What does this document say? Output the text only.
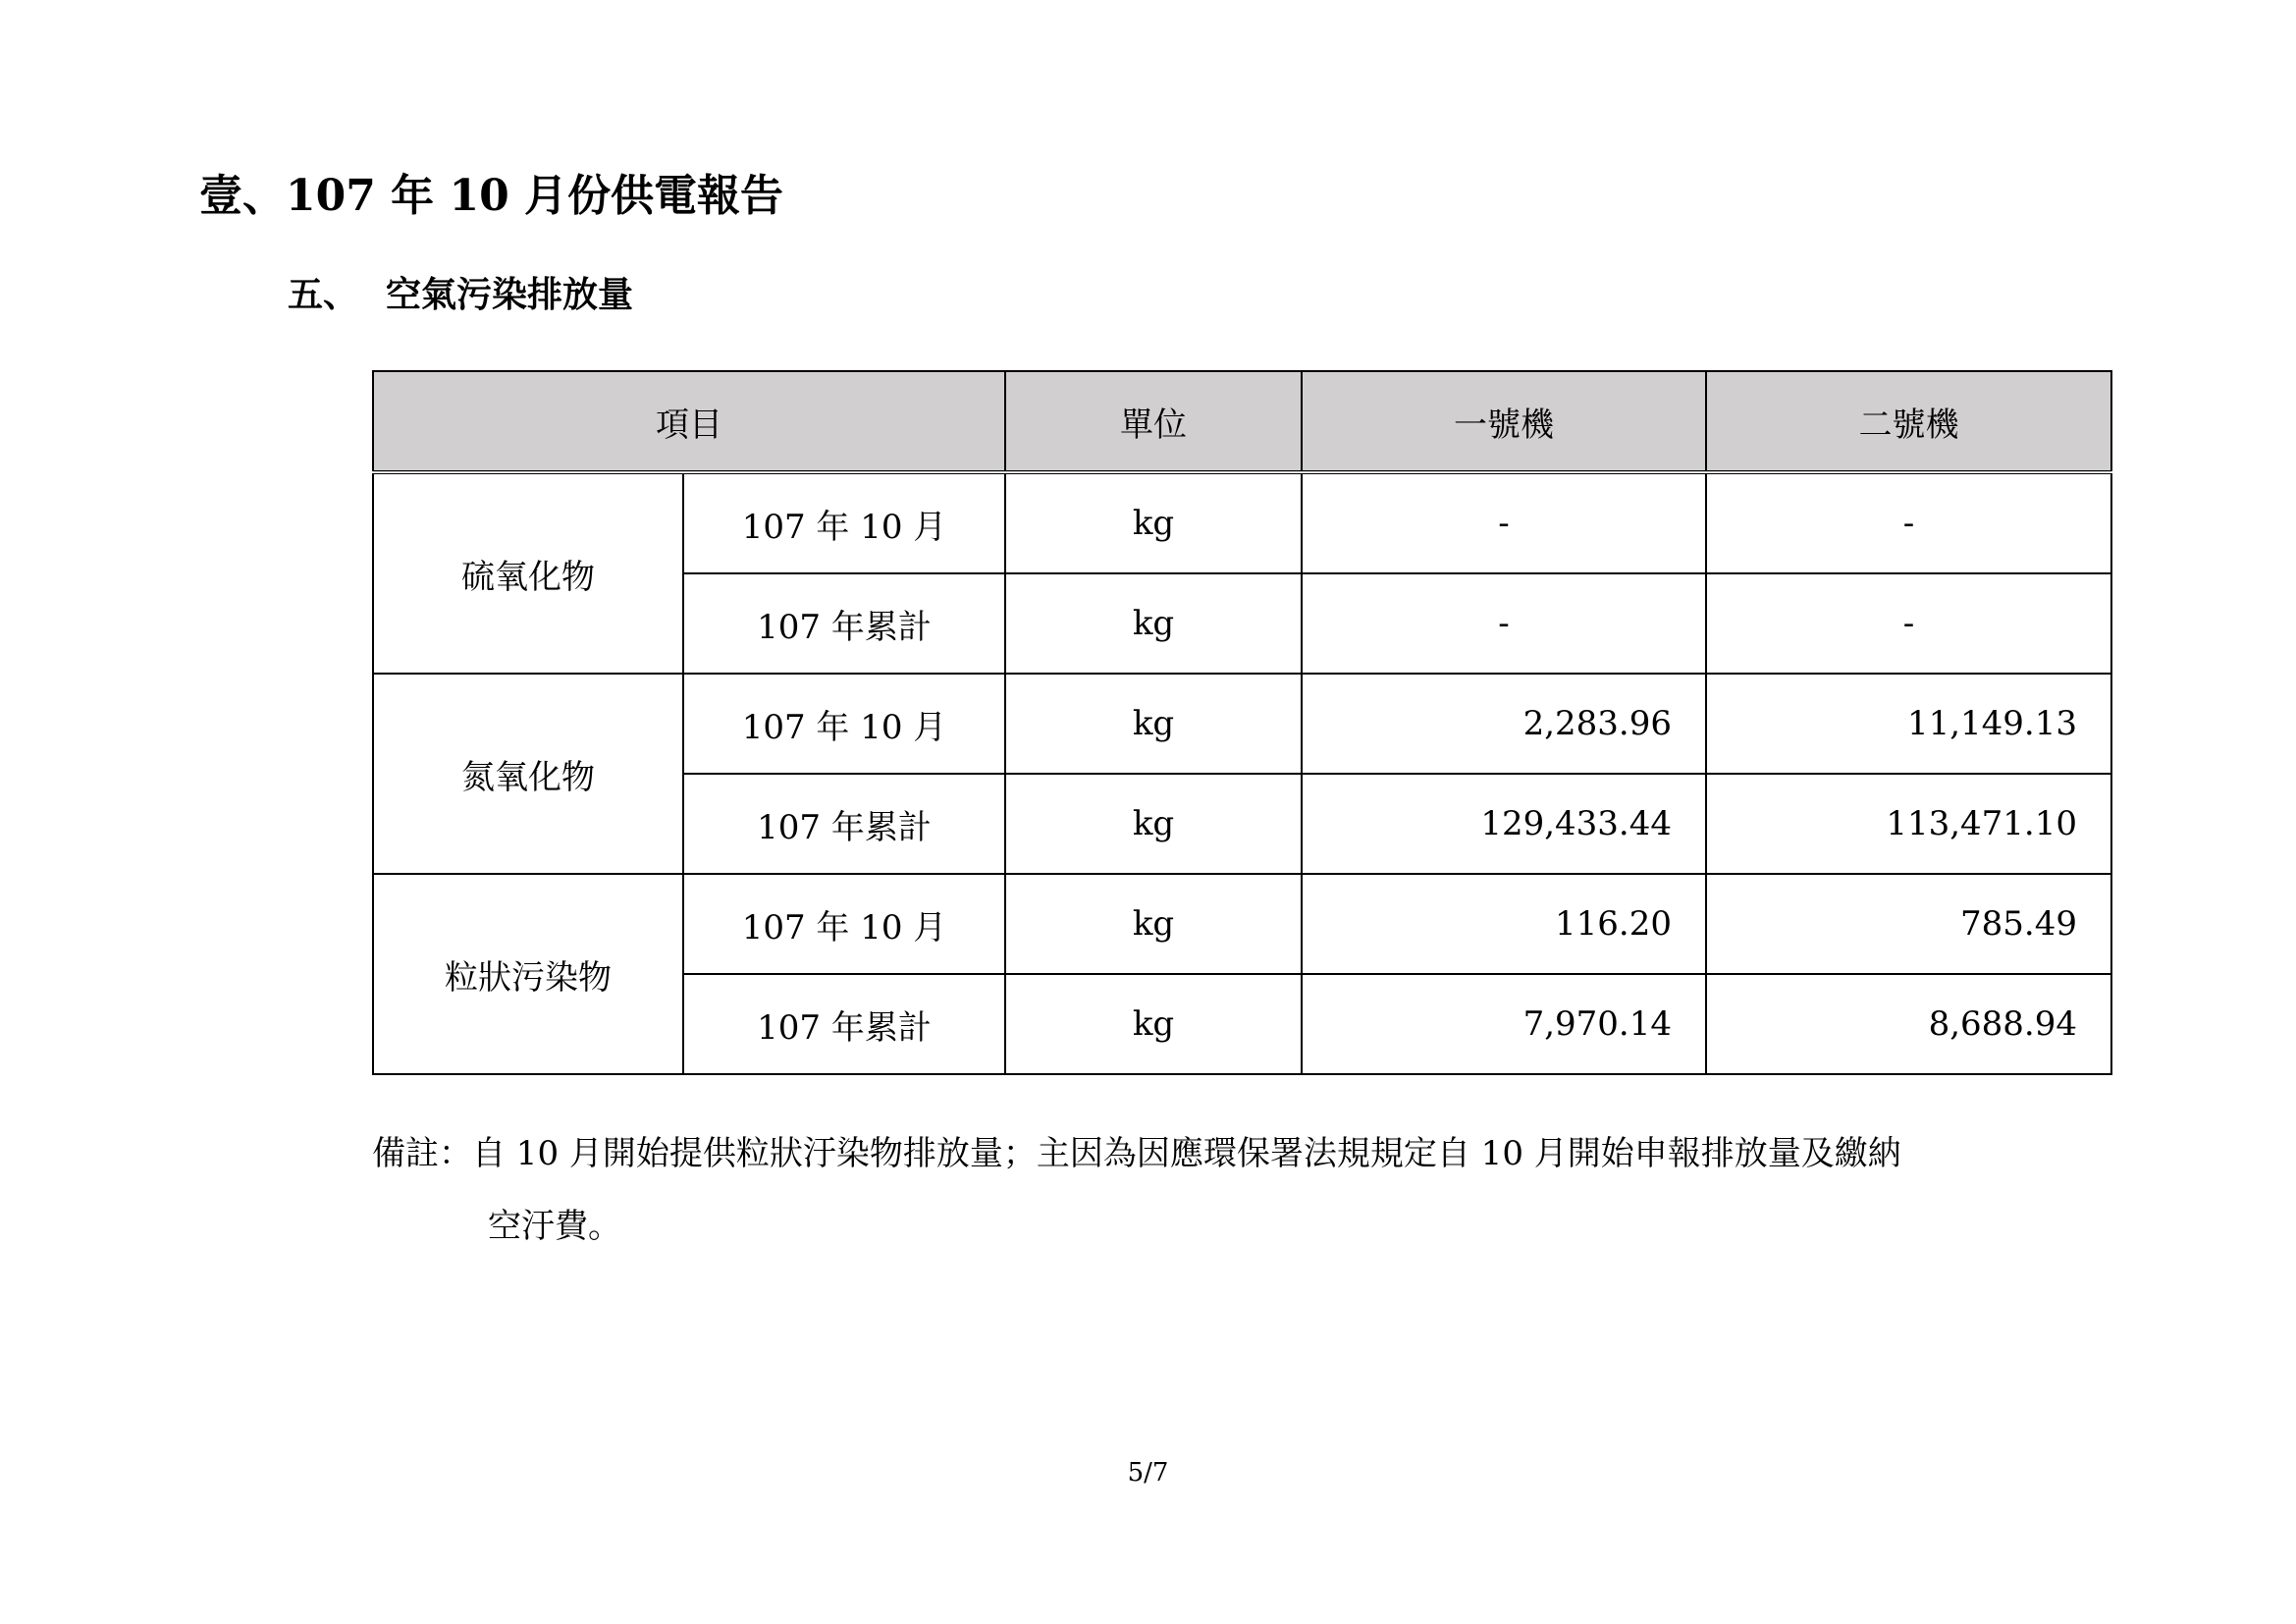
壹、107 年 10 月份供電報告
五、 空氣污染排放量
項目		單位	一號機	二號機
硫氧化物	107 年 10 月	kg	-	-
	107 年累計	kg	-	-
氮氧化物	107 年 10 月	kg	2,283.96	11,149.13
	107 年累計	kg	129,433.44	113,471.10
粒狀污染物	107 年 10 月	kg	116.20	785.49
	107 年累計	kg	7,970.14	8,688.94
備註：自 10 月開始提供粒狀汙染物排放量；主因為因應環保署法規規定自 10 月開始申報排放量及繳納
空汙費。
5/7
